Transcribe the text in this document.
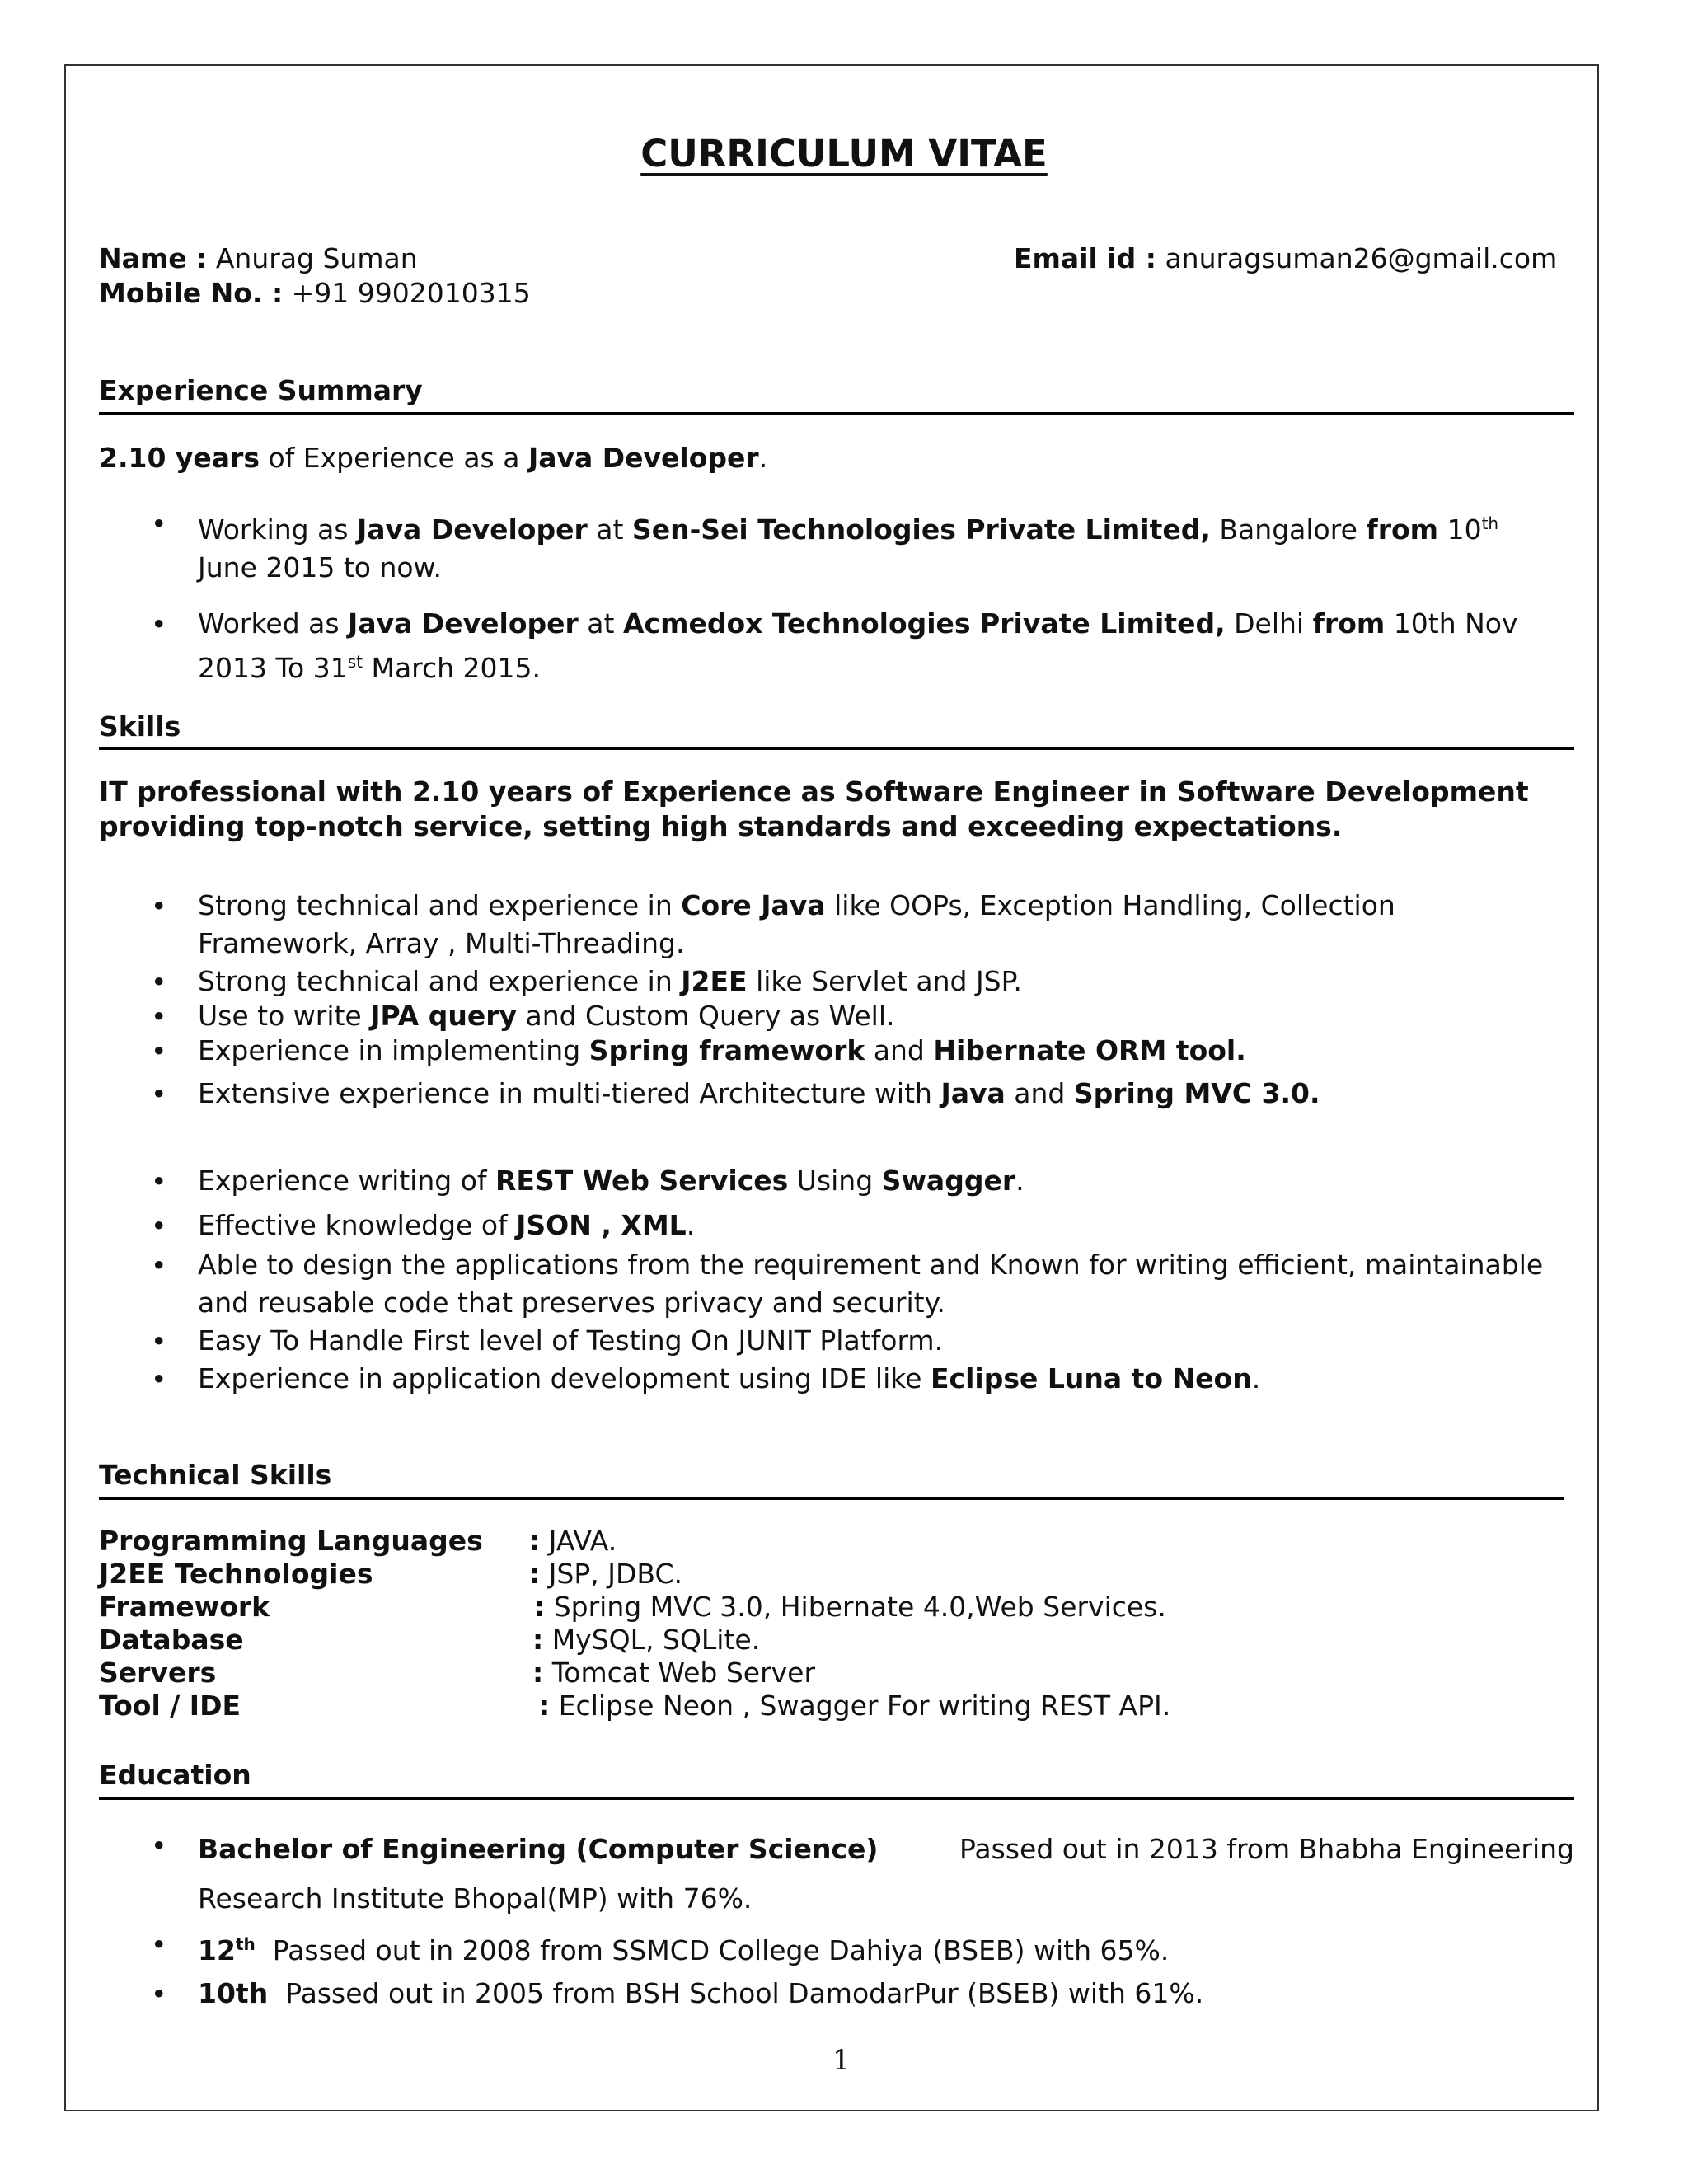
CURRICULUM VITAE
Name : Anurag Suman	Email id : anuragsuman26@gmail.com
Mobile No. : +91 9902010315
Experience Summary
2.10 years of Experience as a Java Developer.
• Working as Java Developer at Sen-Sei Technologies Private Limited, Bangalore from 10th
June 2015 to now.
• Worked as Java Developer at Acmedox Technologies Private Limited, Delhi from 10th Nov
2013 To 31st March 2015.
Skills
IT professional with 2.10 years of Experience as Software Engineer in Software Development
providing top-notch service, setting high standards and exceeding expectations.
• Strong technical and experience in Core Java like OOPs, Exception Handling, Collection
Framework, Array , Multi-Threading.
• Strong technical and experience in J2EE like Servlet and JSP.
• Use to write JPA query and Custom Query as Well.
• Experience in implementing Spring framework and Hibernate ORM tool.
• Extensive experience in multi-tiered Architecture with Java and Spring MVC 3.0.
• Experience writing of REST Web Services Using Swagger.
• Effective knowledge of JSON , XML.
• Able to design the applications from the requirement and Known for writing efficient, maintainable
and reusable code that preserves privacy and security.
• Easy To Handle First level of Testing On JUNIT Platform.
• Experience in application development using IDE like Eclipse Luna to Neon.
Technical Skills
Programming Languages : JAVA.
J2EE Technologies	: JSP, JDBC.
Framework	: Spring MVC 3.0, Hibernate 4.0,Web Services.
Database	: MySQL, SQLite.
Servers	: Tomcat Web Server
Tool / IDE	: Eclipse Neon , Swagger For writing REST API.
Education
• Bachelor of Engineering (Computer Science)	Passed out in 2013 from Bhabha Engineering
Research Institute Bhopal(MP) with 76%.
• 12th Passed out in 2008 from SSMCD College Dahiya (BSEB) with 65%.
• 10th Passed out in 2005 from BSH School DamodarPur (BSEB) with 61%.
1
